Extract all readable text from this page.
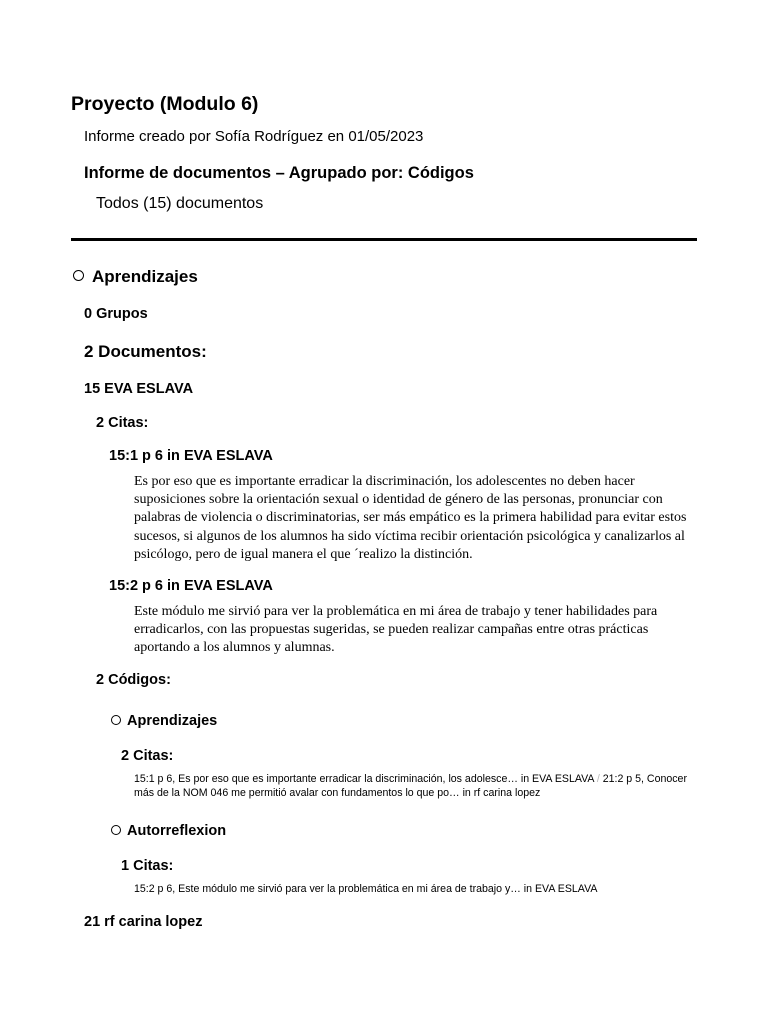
Proyecto (Modulo 6)
Informe creado por Sofía Rodríguez en 01/05/2023
Informe de documentos – Agrupado por: Códigos
Todos (15) documentos
Aprendizajes
0 Grupos
2 Documentos:
15 EVA ESLAVA
2 Citas:
15:1 p 6 in EVA ESLAVA
Es por eso que es importante erradicar la discriminación, los adolescentes no deben hacer suposiciones sobre la orientación sexual o identidad de género de las personas, pronunciar con palabras de violencia o discriminatorias, ser más empático es la primera habilidad para evitar estos sucesos, si algunos de los alumnos ha sido víctima recibir orientación psicológica y canalizarlos al psicólogo, pero de igual manera el que ´realizo la distinción.
15:2 p 6 in EVA ESLAVA
Este módulo me sirvió para ver la problemática en mi área de trabajo y tener habilidades para erradicarlos, con las propuestas sugeridas, se pueden realizar campañas entre otras prácticas aportando a los alumnos y alumnas.
2 Códigos:
Aprendizajes
2 Citas:
15:1 p 6, Es por eso que es importante erradicar la discriminación, los adolesce… in EVA ESLAVA / 21:2 p 5, Conocer más de la NOM 046 me permitió avalar con fundamentos lo que po… in rf carina lopez
Autorreflexion
1 Citas:
15:2 p 6, Este módulo me sirvió para ver la problemática en mi área de trabajo y… in EVA ESLAVA
21 rf carina lopez
